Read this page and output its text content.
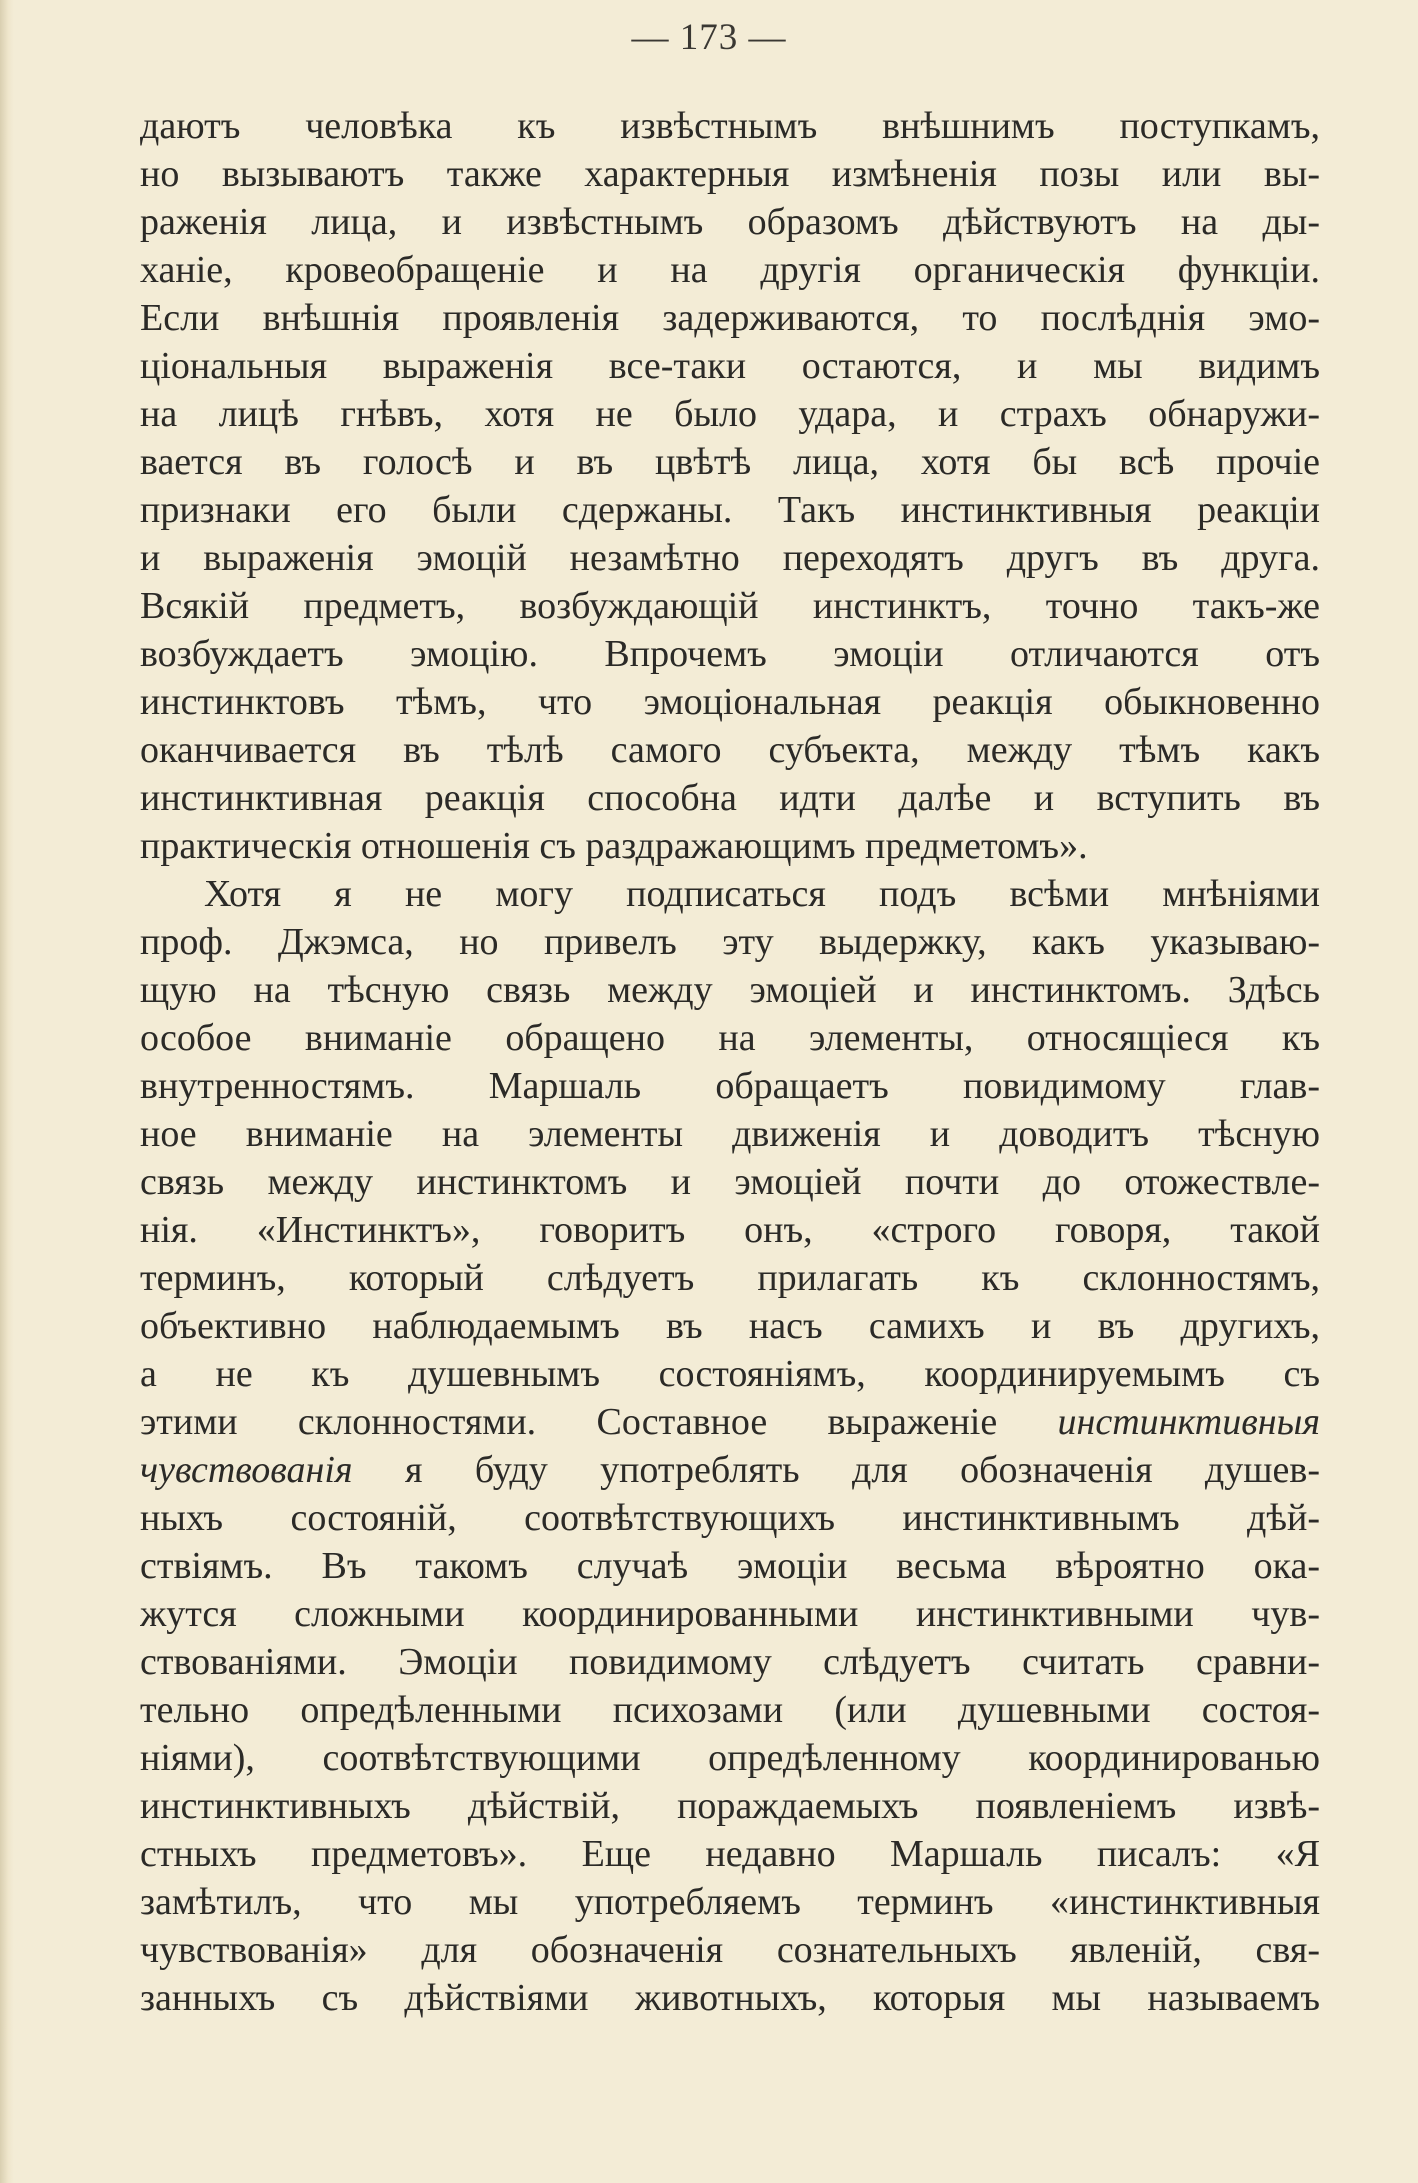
— 173 —
даютъ человѣка къ извѣстнымъ внѣшнимъ поступкамъ,
но вызываютъ также характерныя измѣненія позы или вы-
раженія лица, и извѣстнымъ образомъ дѣйствуютъ на ды-
ханіе, кровеобращеніе и на другія органическія функціи.
Если внѣшнія проявленія задерживаются, то послѣднія эмо-
ціональныя выраженія все-таки остаются, и мы видимъ
на лицѣ гнѣвъ, хотя не было удара, и страхъ обнаружи-
вается въ голосѣ и въ цвѣтѣ лица, хотя бы всѣ прочіе
признаки его были сдержаны. Такъ инстинктивныя реакціи
и выраженія эмоцій незамѣтно переходятъ другъ въ друга.
Всякій предметъ, возбуждающій инстинктъ, точно такъ-же
возбуждаетъ эмоцію. Впрочемъ эмоціи отличаются отъ
инстинктовъ тѣмъ, что эмоціональная реакція обыкновенно
оканчивается въ тѣлѣ самого субъекта, между тѣмъ какъ
инстинктивная реакція способна идти далѣе и вступить въ
практическія отношенія съ раздражающимъ предметомъ».
Хотя я не могу подписаться подъ всѣми мнѣніями
проф. Джэмса, но привелъ эту выдержку, какъ указываю-
щую на тѣсную связь между эмоціей и инстинктомъ. Здѣсь
особое вниманіе обращено на элементы, относящіеся къ
внутренностямъ. Маршаль обращаетъ повидимому глав-
ное вниманіе на элементы движенія и доводитъ тѣсную
связь между инстинктомъ и эмоціей почти до отожествле-
нія. «Инстинктъ», говоритъ онъ, «строго говоря, такой
терминъ, который слѣдуетъ прилагать къ склонностямъ,
объективно наблюдаемымъ въ насъ самихъ и въ другихъ,
а не къ душевнымъ состояніямъ, координируемымъ съ
этими склонностями. Составное выраженіе инстинктивныя
чувствованія я буду употреблять для обозначенія душев-
ныхъ состояній, соотвѣтствующихъ инстинктивнымъ дѣй-
ствіямъ. Въ такомъ случаѣ эмоціи весьма вѣроятно ока-
жутся сложными координированными инстинктивными чув-
ствованіями. Эмоціи повидимому слѣдуетъ считать сравни-
тельно опредѣленными психозами (или душевными состоя-
ніями), соотвѣтствующими опредѣленному координированью
инстинктивныхъ дѣйствій, пораждаемыхъ появленіемъ извѣ-
стныхъ предметовъ». Еще недавно Маршаль писалъ: «Я
замѣтилъ, что мы употребляемъ терминъ «инстинктивныя
чувствованія» для обозначенія сознательныхъ явленій, свя-
занныхъ съ дѣйствіями животныхъ, которыя мы называемъ
